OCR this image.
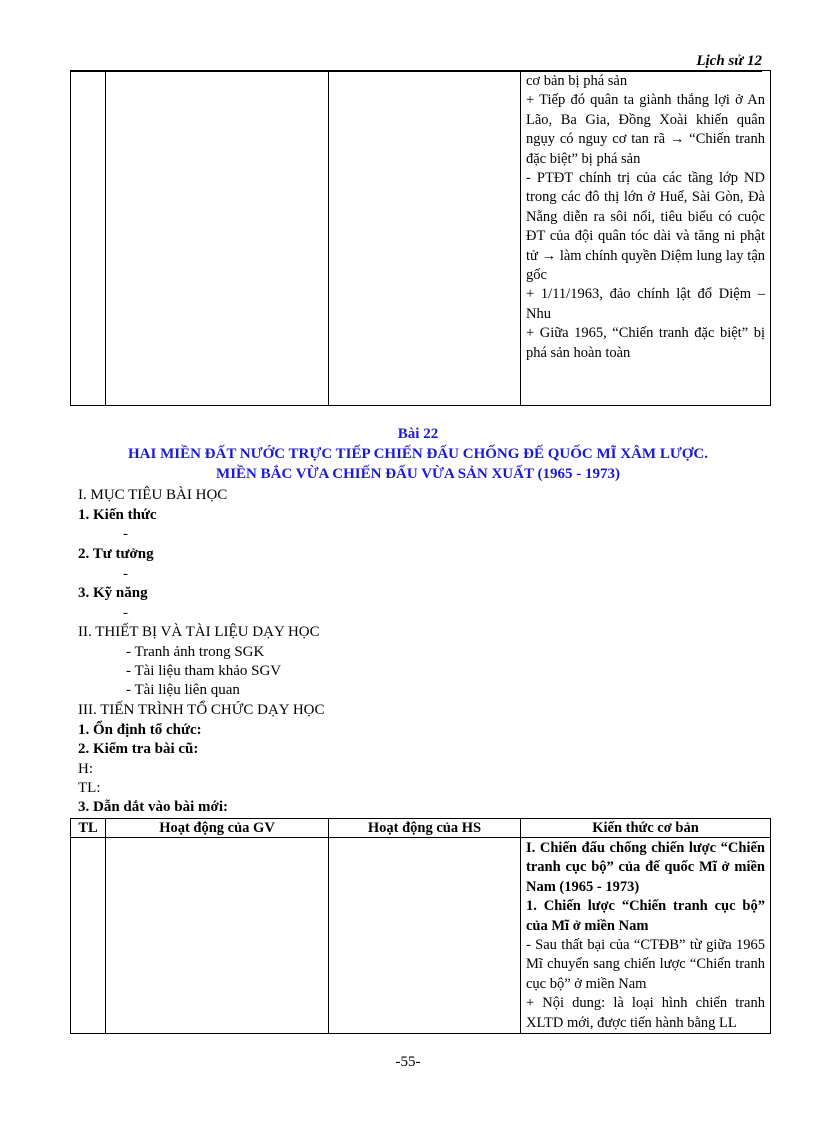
Lịch sử 12

cơ bản bị phá sản

+ Tiếp đó quân ta giành thắng lợi ở An Lão, Ba Gia, Đồng Xoài khiến quân ngụy có nguy cơ tan rã → “Chiến tranh đặc biệt” bị phá sản

- PTĐT chính trị của các tầng lớp ND trong các đô thị lớn ở Huế, Sài Gòn, Đà Nẵng diễn ra sôi nổi, tiêu biểu có cuộc ĐT của đội quân tóc dài và tăng ni phật tử → làm chính quyền Diệm lung lay tận gốc

+ 1/11/1963, đảo chính lật đổ Diệm – Nhu

+ Giữa 1965, “Chiến tranh đặc biệt” bị phá sản hoàn toàn

Bài 22
HAI MIỀN ĐẤT NƯỚC TRỰC TIẾP CHIẾN ĐẤU CHỐNG ĐẾ QUỐC MĨ XÂM LƯỢC.
MIỀN BẮC VỪA CHIẾN ĐẤU VỪA SẢN XUẤT (1965 - 1973)
I. MỤC TIÊU BÀI HỌC
1. Kiến thức
-
2. Tư tưởng
-
3. Kỹ năng
-
II. THIẾT BỊ VÀ TÀI LIỆU DẠY HỌC
- Tranh ảnh trong SGK
- Tài liệu tham khảo SGV
- Tài liệu liên quan
III. TIẾN TRÌNH TỔ CHỨC DẠY HỌC
1. Ổn định tổ chức:
2. Kiểm tra bài cũ:
H:
TL:
3. Dẫn dắt vào bài mới:
TL	Hoạt động của GV	Hoạt động của HS	Kiến thức cơ bản

			I. Chiến đấu chống chiến lược “Chiến tranh cục bộ” của đế quốc Mĩ ở miền Nam (1965 - 1973)

1. Chiến lược “Chiến tranh cục bộ” của Mĩ ở miền Nam

- Sau thất bại của “CTĐB” từ giữa 1965 Mĩ chuyển sang chiến lược “Chiến tranh cục bộ” ở miền Nam

+ Nội dung: là loại hình chiến tranh XLTD mới, được tiến hành bằng LL

-55-
